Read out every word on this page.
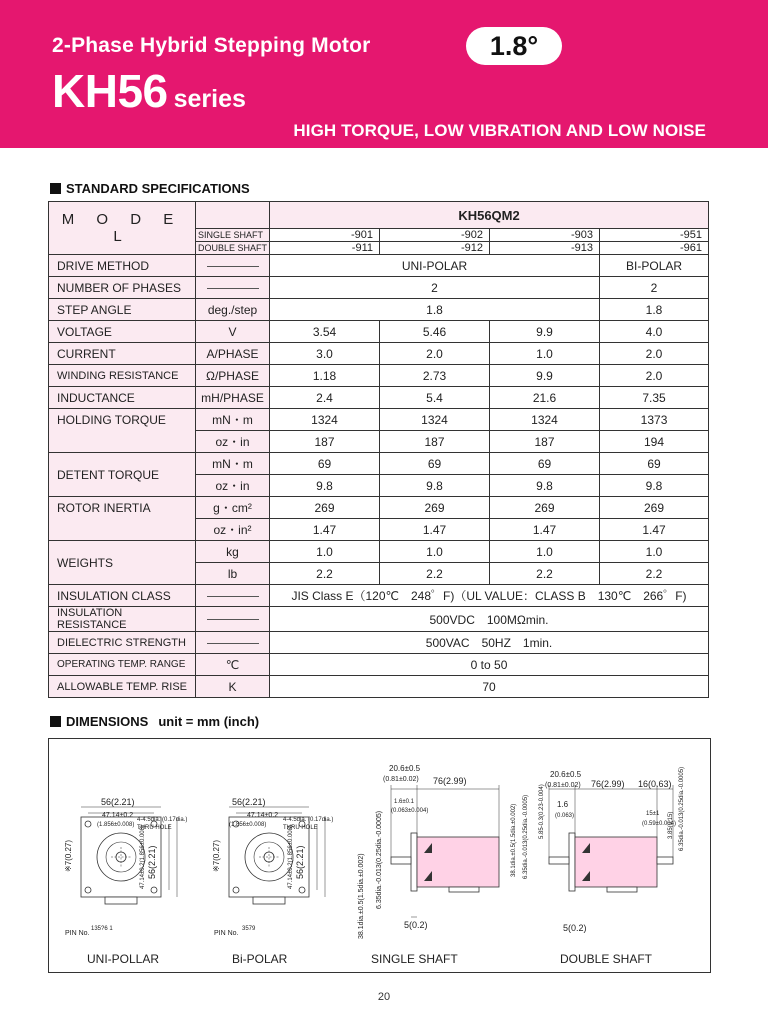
2-Phase Hybrid Stepping Motor	1.8°
KH56 series
HIGH TORQUE, LOW VIBRATION AND LOW NOISE
STANDARD SPECIFICATIONS
M O D E L		KH56QM2			
	SINGLE SHAFT	-901	-902	-903	-951
	DOUBLE SHAFT	-911	-912	-913	-961
DRIVE METHOD		UNI-POLAR			BI-POLAR
NUMBER OF PHASES		2			2
STEP ANGLE	deg./step	1.8			1.8
VOLTAGE	V	3.54	5.46	9.9	4.0
CURRENT	A/PHASE	3.0	2.0	1.0	2.0
WINDING RESISTANCE	Ω/PHASE	1.18	2.73	9.9	2.0
INDUCTANCE	mH/PHASE	2.4	5.4	21.6	7.35
HOLDING TORQUE	mN・m	1324	1324	1324	1373
	oz・in	187	187	187	194
DETENT TORQUE	mN・m	69	69	69	69
	oz・in	9.8	9.8	9.8	9.8
ROTOR INERTIA	g・cm²	269	269	269	269
	oz・in²	1.47	1.47	1.47	1.47
WEIGHTS	kg	1.0	1.0	1.0	1.0
	lb	2.2	2.2	2.2	2.2
INSULATION CLASS		JIS Class E（120℃　248゜F)（UL VALUE：CLASS B　130℃　266゜F)			
INSULATION RESISTANCE		500VDC　100MΩmin.			
DIELECTRIC STRENGTH		500VAC　50HZ　1min.			
OPERATING TEMP. RANGE	℃	0 to 50			
ALLOWABLE TEMP. RISE	K	70			
DIMENSIONS unit = mm (inch)
56(2.21)
47.14±0.2
(1.856±0.008)
4-4.5dia. (0.17dia.)
THRU HOLE
※7(0.27)	56(2.21)
47.14±0.2(1.856±0.008)
PIN No.
135?6 1
56(2.21)
47.14±0.2
(1.856±0.008)
4-4.5dia. (0.17dia.)
THRU HOLE
※7(0.27)	56(2.21)
47.14±0.2(1.856±0.008)
PIN No.
3579
20.6±0.5
(0.81±0.02) 76(2.99)
1.6±0.1
(0.063±0.004)
38.1dia.±0.5(1.5dia.±0.002) 6.35dia.-0.013(0.25dia.-0.0005)
5(0.2)
20.6±0.5
(0.81±0.02) 76(2.99) 16(0.63)
1.6
(0.063)	15±1
(0.59±0.004)
38.1dia.±0.5(1.5dia.±0.002) 6.35dia.-0.013(0.25dia.-0.0005) 5.85-0.3(0.23-0.004)	6.35dia.-0.013(0.25dia.-0.0005)
3.85(0.15)
5(0.2)
UNI-POLLAR	Bi-POLAR	SINGLE SHAFT	DOUBLE SHAFT
20
